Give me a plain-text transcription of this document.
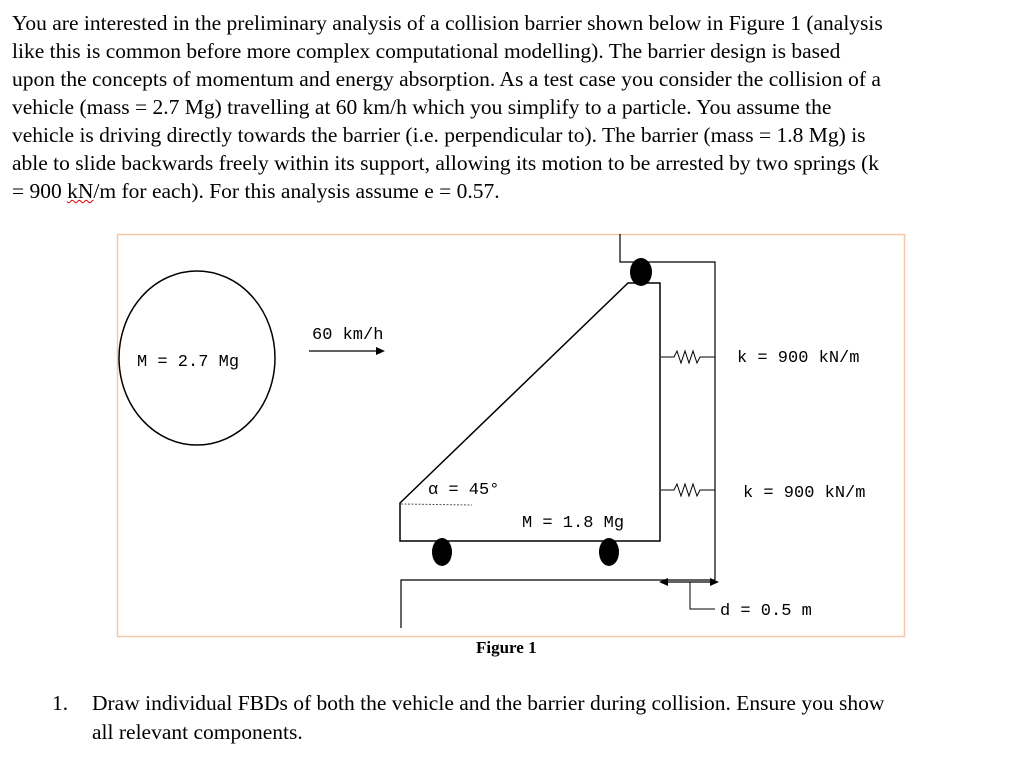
You are interested in the preliminary analysis of a collision barrier shown below in Figure 1 (analysis
like this is common before more complex computational modelling). The barrier design is based
upon the concepts of momentum and energy absorption. As a test case you consider the collision of a
vehicle (mass = 2.7 Mg) travelling at 60 km/h which you simplify to a particle. You assume the
vehicle is driving directly towards the barrier (i.e. perpendicular to). The barrier (mass = 1.8 Mg) is
able to slide backwards freely within its support, allowing its motion to be arrested by two springs (k
= 900 kN/m for each). For this analysis assume e = 0.57.
M = 2.7 Mg
60 km/h
α = 45°
M = 1.8 Mg
k = 900 kN/m
k = 900 kN/m
d = 0.5 m
Figure 1
1. Draw individual FBDs of both the vehicle and the barrier during collision. Ensure you show
all relevant components.
